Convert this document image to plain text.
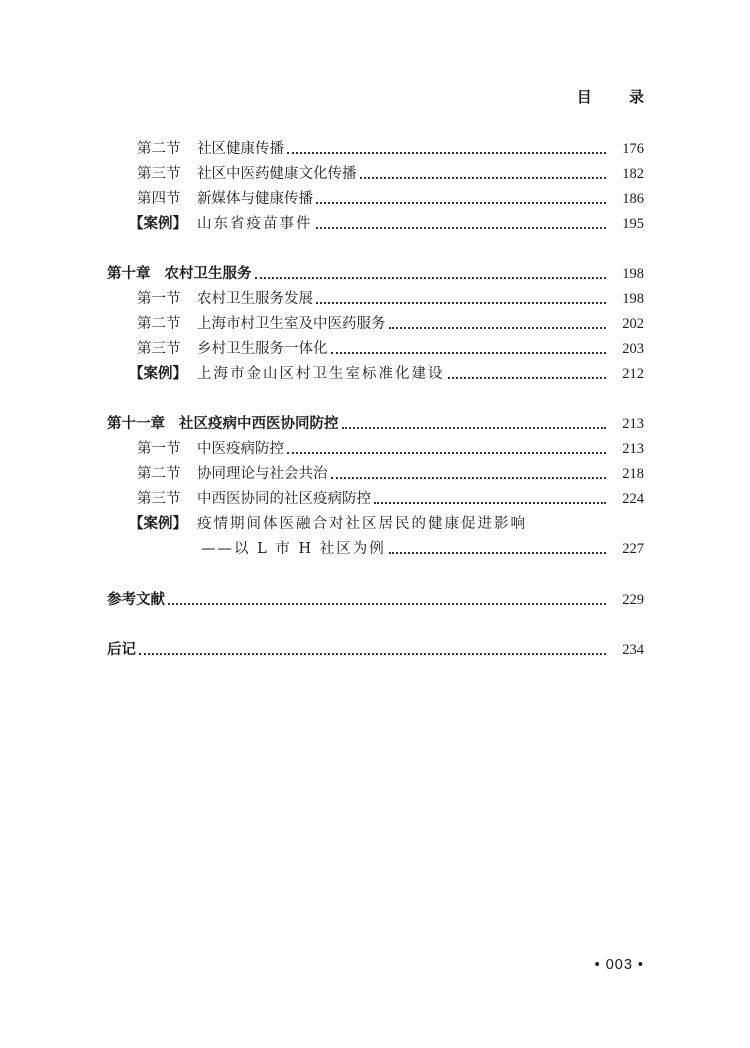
目 录
第二节 社区健康传播	176
第三节 社区中医药健康文化传播	182
第四节 新媒体与健康传播	186
【案例】 山东省疫苗事件	195
第十章 农村卫生服务	198
第一节 农村卫生服务发展	198
第二节 上海市村卫生室及中医药服务	202
第三节 乡村卫生服务一体化	203
【案例】 上海市金山区村卫生室标准化建设	212
第十一章 社区疫病中西医协同防控	213
第一节 中医疫病防控	213
第二节 协同理论与社会共治	218
第三节 中西医协同的社区疫病防控	224
【案例】 疫情期间体医融合对社区居民的健康促进影响
——以 L 市 H 社区为例	227
参考文献	229
后记	234
• 003 •
